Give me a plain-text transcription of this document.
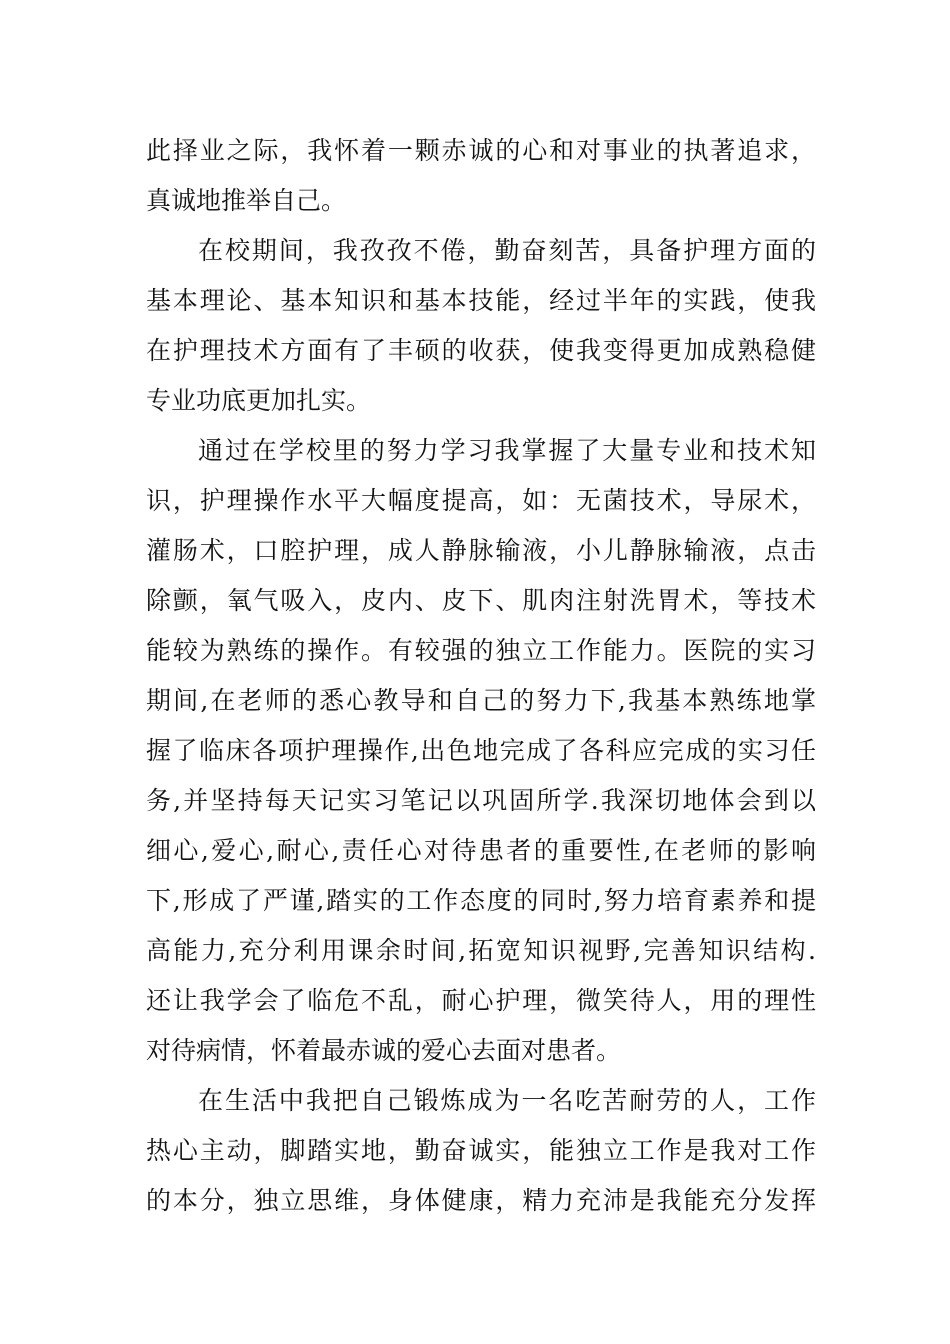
此择业之际，我怀着一颗赤诚的心和对事业的执著追求，
真诚地推举自己。
在校期间，我孜孜不倦，勤奋刻苦，具备护理方面的
基本理论、基本知识和基本技能，经过半年的实践，使我
在护理技术方面有了丰硕的收获，使我变得更加成熟稳健
专业功底更加扎实。
通过在学校里的努力学习我掌握了大量专业和技术知
识，护理操作水平大幅度提高，如：无菌技术，导尿术，
灌肠术，口腔护理，成人静脉输液，小儿静脉输液，点击
除颤，氧气吸入，皮内、皮下、肌肉注射洗胃术，等技术
能较为熟练的操作。有较强的独立工作能力。医院的实习
期间,在老师的悉心教导和自己的努力下,我基本熟练地掌
握了临床各项护理操作,出色地完成了各科应完成的实习任
务,并坚持每天记实习笔记以巩固所学.我深切地体会到以
细心,爱心,耐心,责任心对待患者的重要性,在老师的影响
下,形成了严谨,踏实的工作态度的同时,努力培育素养和提
高能力,充分利用课余时间,拓宽知识视野,完善知识结构.
还让我学会了临危不乱，耐心护理，微笑待人，用的理性
对待病情，怀着最赤诚的爱心去面对患者。
在生活中我把自己锻炼成为一名吃苦耐劳的人，工作
热心主动，脚踏实地，勤奋诚实，能独立工作是我对工作
的本分，独立思维，身体健康，精力充沛是我能充分发挥
